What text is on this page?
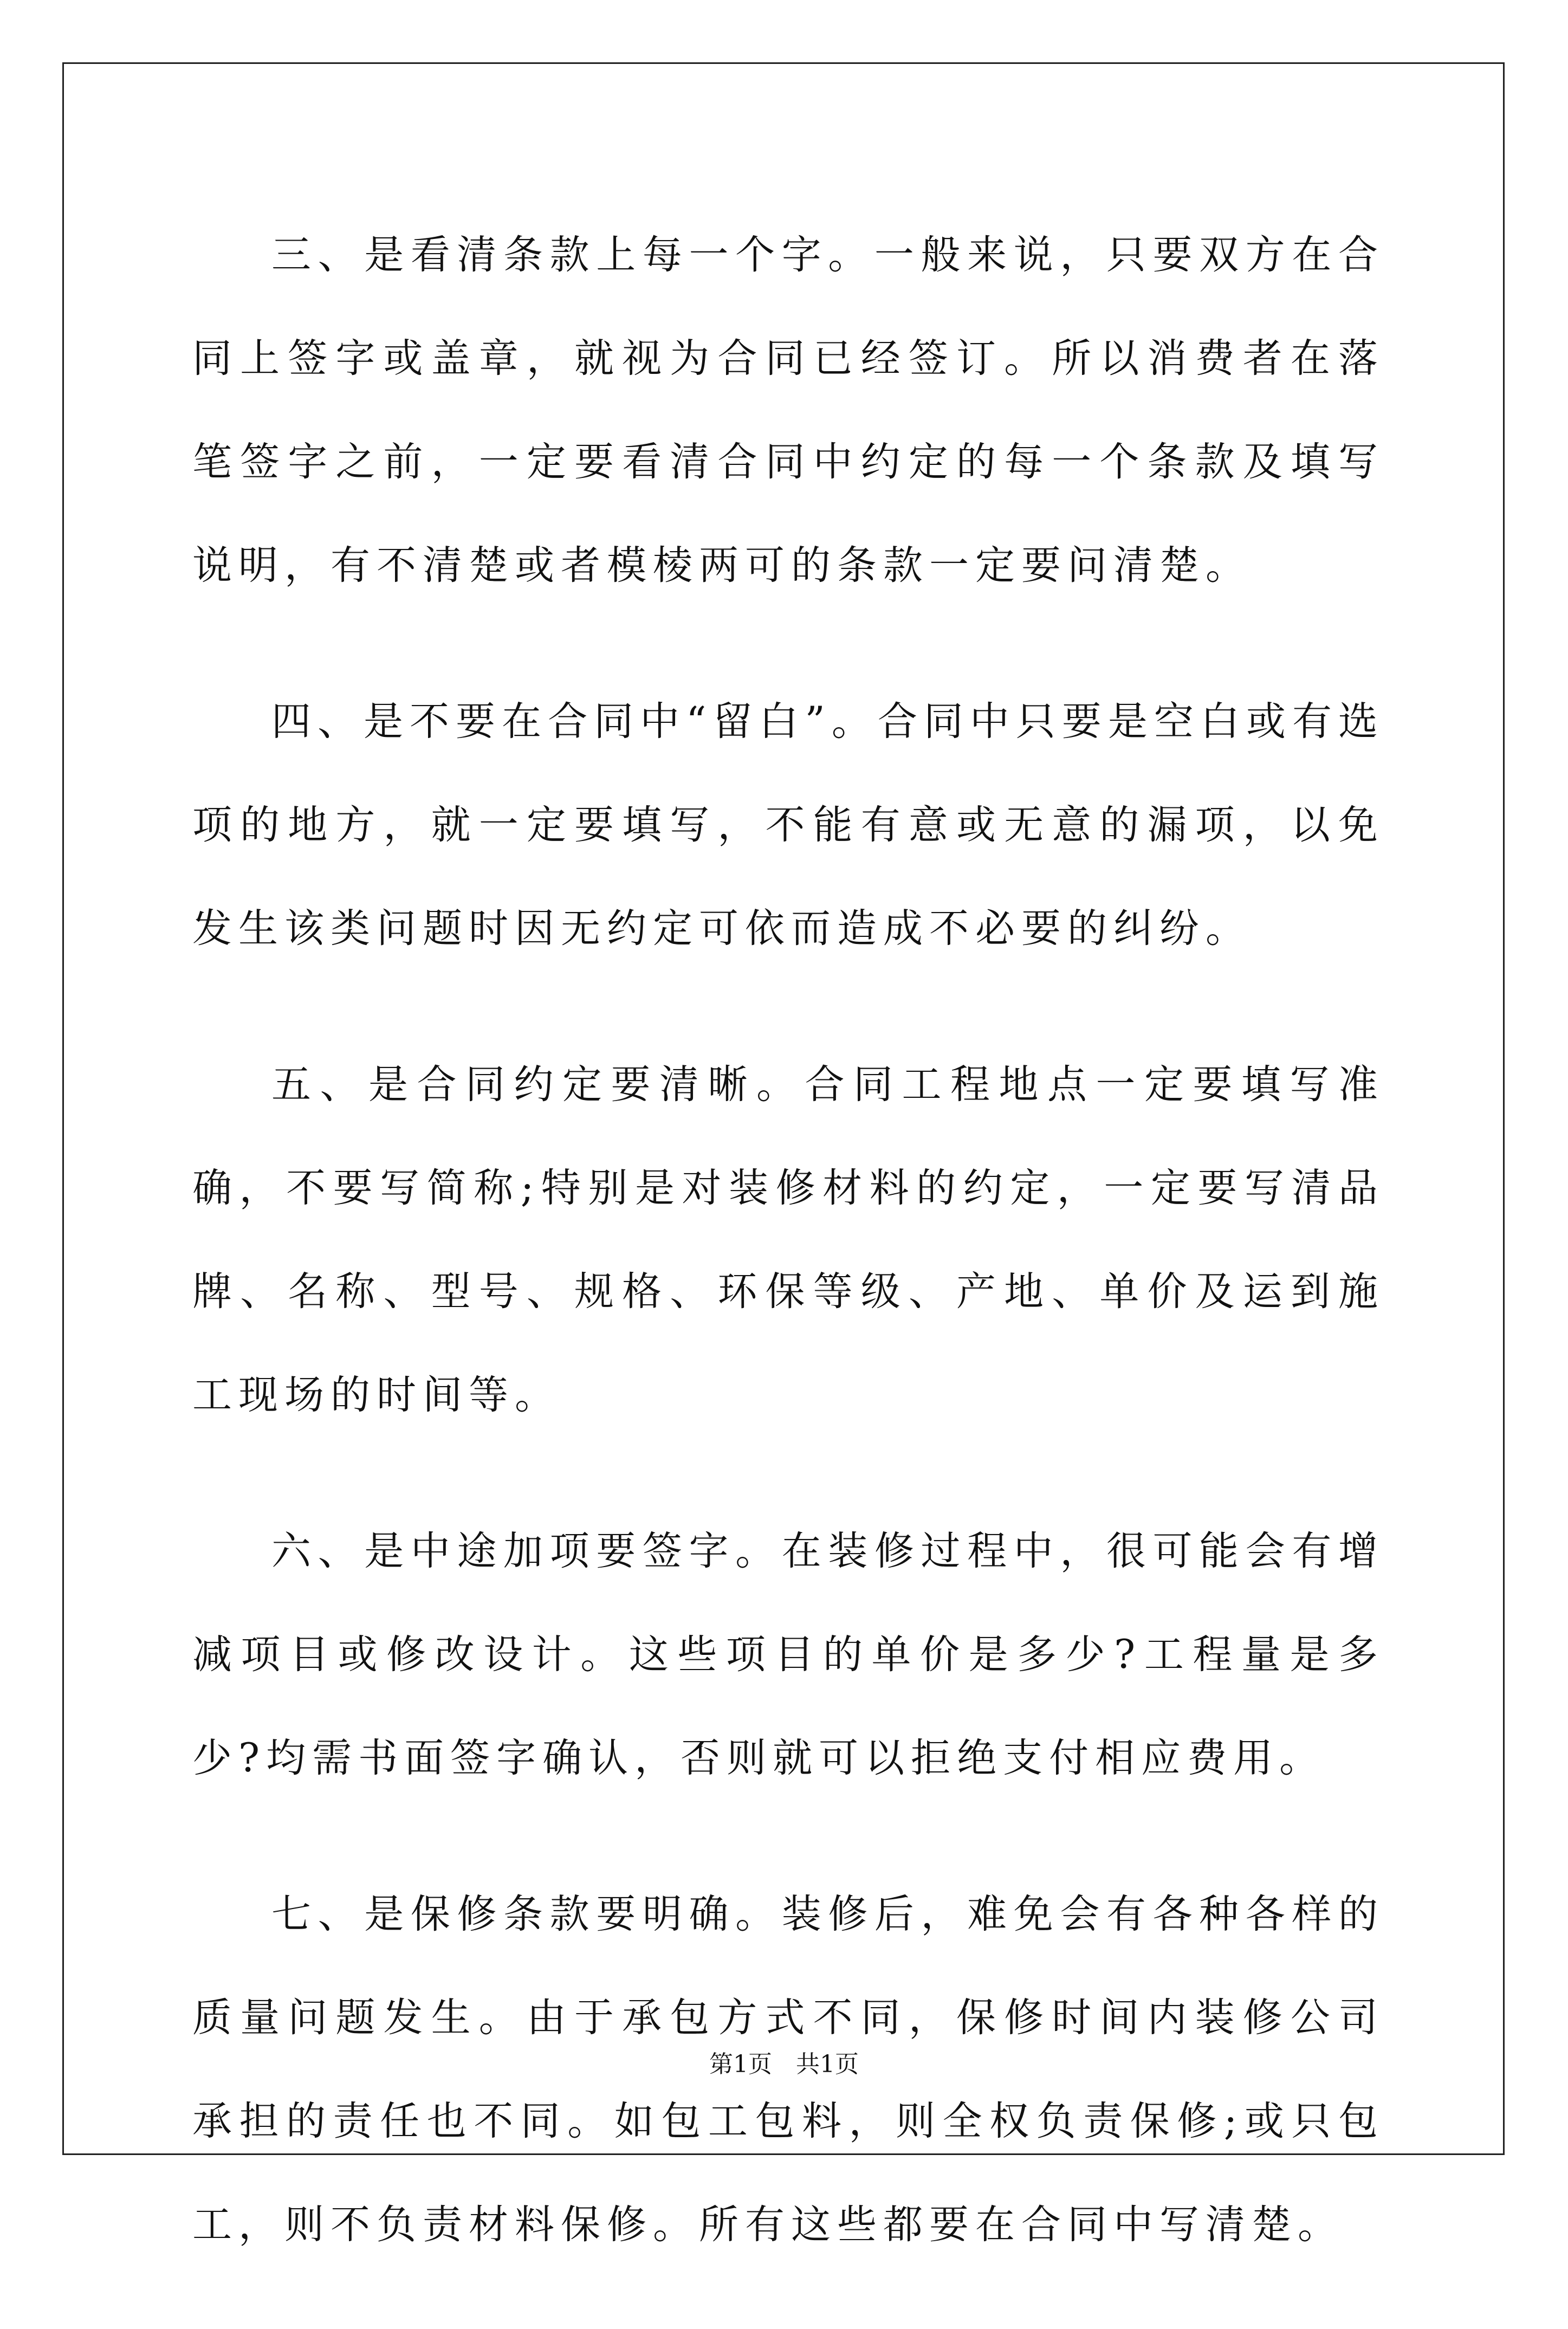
三、是看清条款上每一个字。一般来说，只要双方在合同上签字或盖章，就视为合同已经签订。所以消费者在落笔签字之前，一定要看清合同中约定的每一个条款及填写说明，有不清楚或者模棱两可的条款一定要问清楚。

四、是不要在合同中“留白”。合同中只要是空白或有选项的地方，就一定要填写，不能有意或无意的漏项，以免发生该类问题时因无约定可依而造成不必要的纠纷。

五、是合同约定要清晰。合同工程地点一定要填写准确，不要写简称;特别是对装修材料的约定，一定要写清品牌、名称、型号、规格、环保等级、产地、单价及运到施工现场的时间等。

六、是中途加项要签字。在装修过程中，很可能会有增减项目或修改设计。这些项目的单价是多少?工程量是多少?均需书面签字确认，否则就可以拒绝支付相应费用。

七、是保修条款要明确。装修后，难免会有各种各样的质量问题发生。由于承包方式不同，保修时间内装修公司承担的责任也不同。如包工包料，则全权负责保修;或只包工，则不负责材料保修。所有这些都要在合同中写清楚。

第1页　共1页
